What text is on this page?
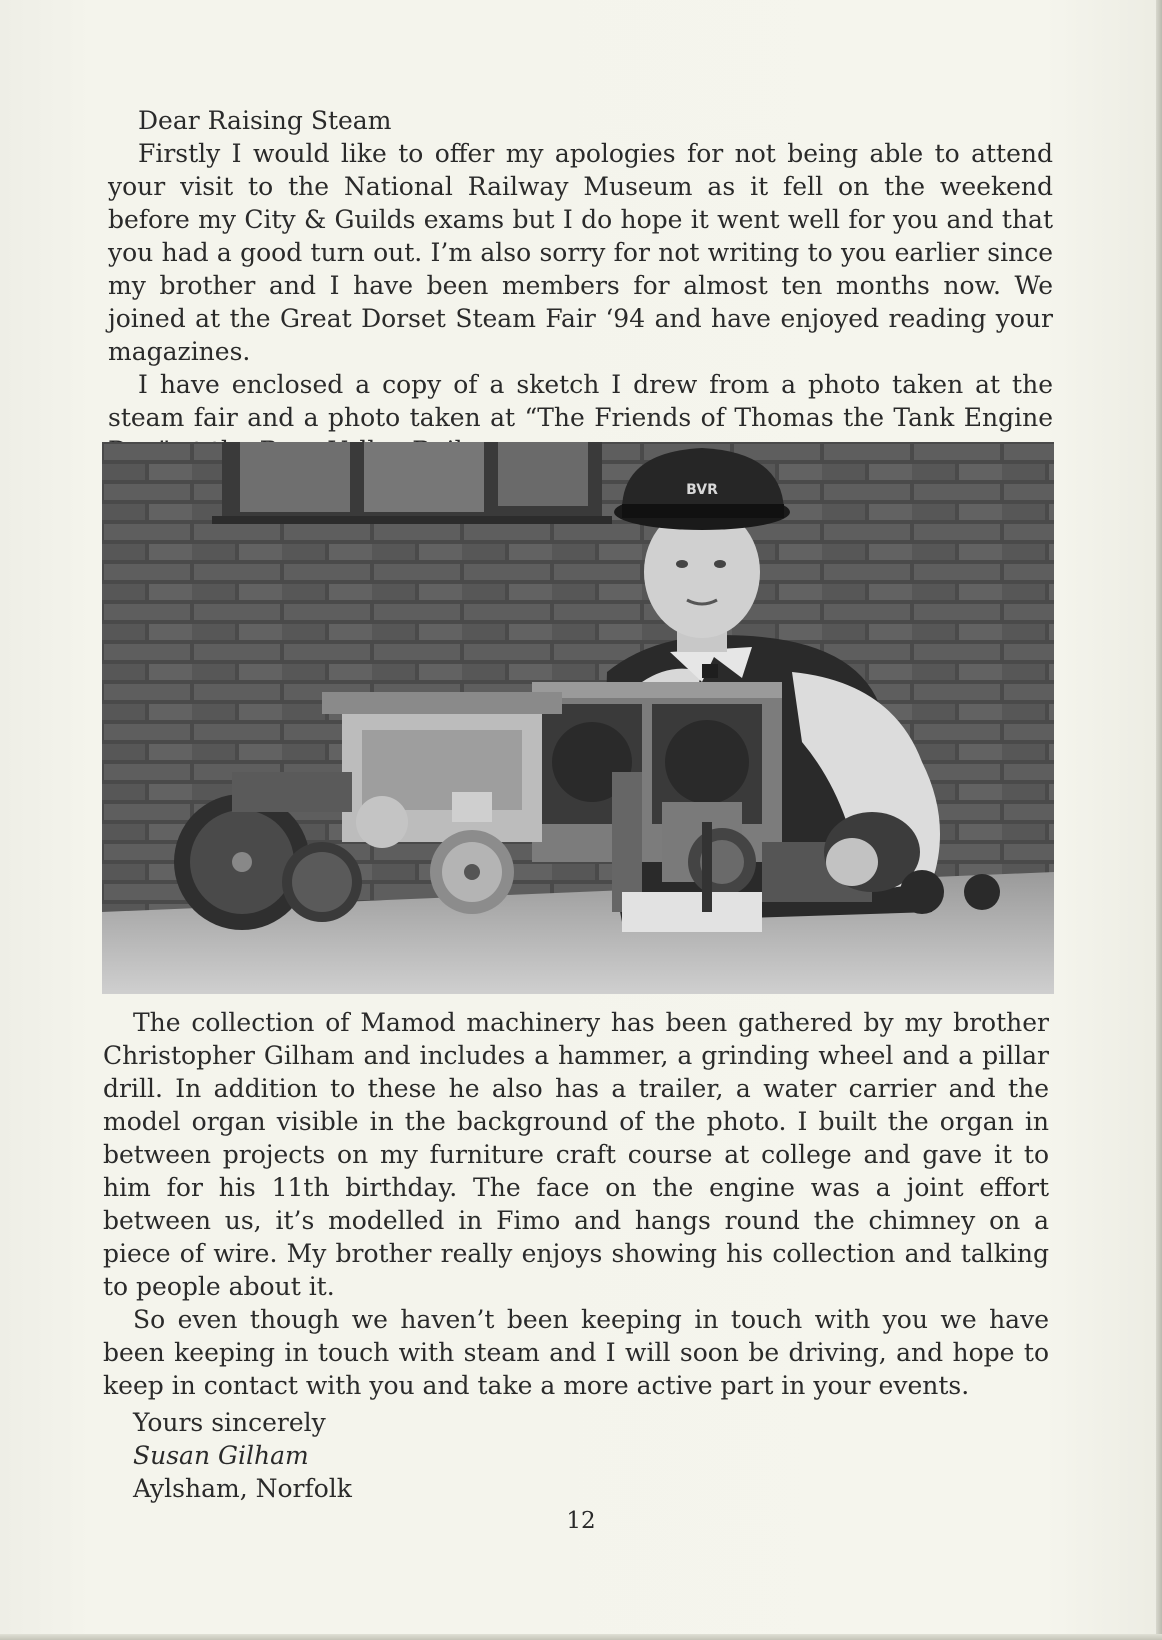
Dear Raising Steam

Firstly I would like to offer my apologies for not being able to attend your visit to the National Railway Museum as it fell on the weekend before my City & Guilds exams but I do hope it went well for you and that you had a good turn out. I’m also sorry for not writing to you earlier since my brother and I have been members for almost ten months now. We joined at the Great Dorset Steam Fair ‘94 and have enjoyed reading your magazines.

I have enclosed a copy of a sketch I drew from a photo taken at the steam fair and a photo taken at “The Friends of Thomas the Tank Engine

BVR

The collection of Mamod machinery has been gathered by my brother Christopher Gilham and includes a hammer, a grinding wheel and a pillar drill. In addition to these he also has a trailer, a water carrier and the model organ visible in the background of the photo. I built the organ in between projects on my furniture craft course at college and gave it to him for his 11th birthday. The face on the engine was a joint effort between us, it’s modelled in Fimo and hangs round the chimney on a piece of wire. My brother really enjoys showing his collection and talking to people about it.

So even though we haven’t been keeping in touch with you we have been keeping in touch with steam and I will soon be driving, and hope to keep in contact with you and take a more active part in your events.

Yours sincerely
Susan Gilham
Aylsham, Norfolk
12
